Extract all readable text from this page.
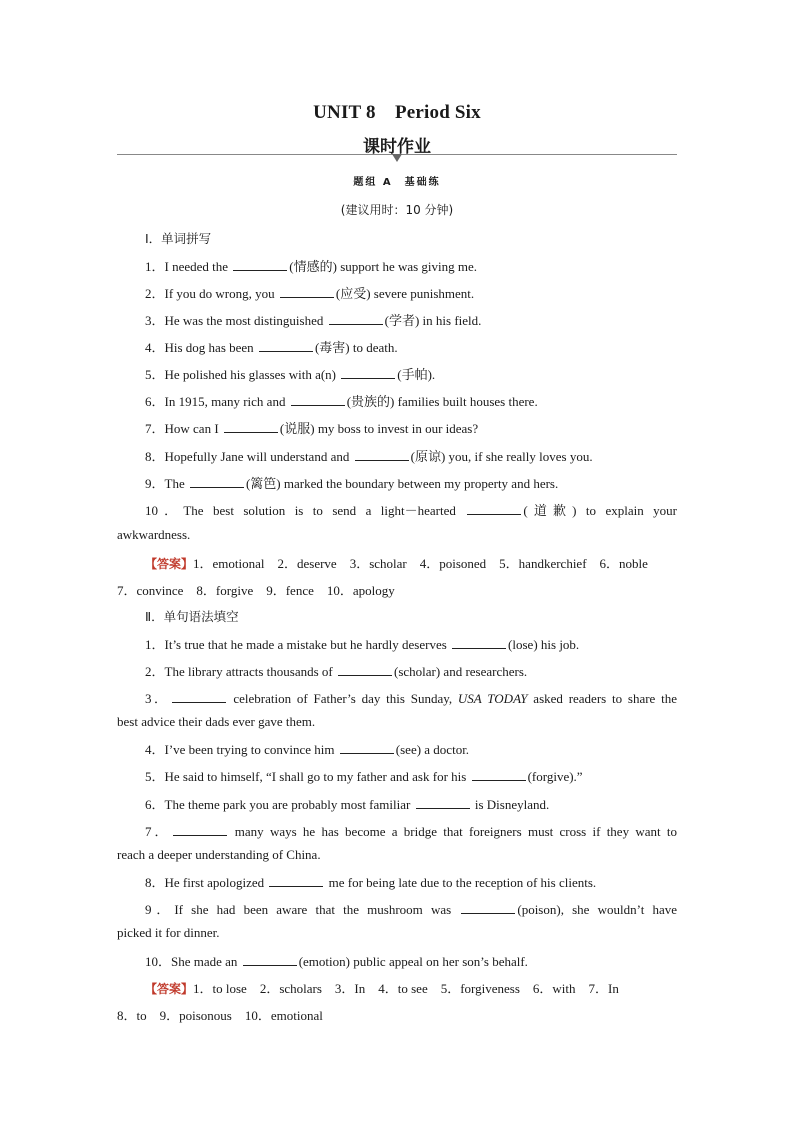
UNIT 8　Period Six
课时作业
题组 A　基础练
(建议用时：10 分钟)
Ⅰ．单词拼写
1．I needed the	(情感的) support he was giving me.
2．If you do wrong, you	(应受) severe punishment.
3．He was the most distinguished	(学者) in his field.
4．His dog has been	(毒害) to death.
5．He polished his glasses with a(n)	(手帕).
6．In 1915, many rich and	(贵族的) families built houses there.
7．How can I	(说服) my boss to invest in our ideas?
8．Hopefully Jane will understand and	(原谅) you, if she really loves you.
9．The	(篱笆) marked the boundary between my property and hers.
10．The best solution is to send a light－hearted	(道歉) to explain your
awkwardness.
【答案】1．emotional　2．deserve　3．scholar　4．poisoned　5．handkerchief　6．noble
7．convince　8．forgive　9．fence　10．apology
Ⅱ．单句语法填空
1．It’s true that he made a mistake but he hardly deserves	(lose) his job.
2．The library attracts thousands of	(scholar) and researchers.
3．	celebration of Father’s day this Sunday, USA TODAY asked readers to share the
best advice their dads ever gave them.
4．I’ve been trying to convince him	(see) a doctor.
5．He said to himself, “I shall go to my father and ask for his	(forgive).”
6．The theme park you are probably most familiar	is Disneyland.
7．	many ways he has become a bridge that foreigners must cross if they want to
reach a deeper understanding of China.
8．He first apologized	me for being late due to the reception of his clients.
9．If she had been aware that the mushroom was	(poison), she wouldn’t have
picked it for dinner.
10．She made an	(emotion) public appeal on her son’s behalf.
【答案】1．to lose　2．scholars　3．In　4．to see　5．forgiveness　6．with　7．In
8．to　9．poisonous　10．emotional
